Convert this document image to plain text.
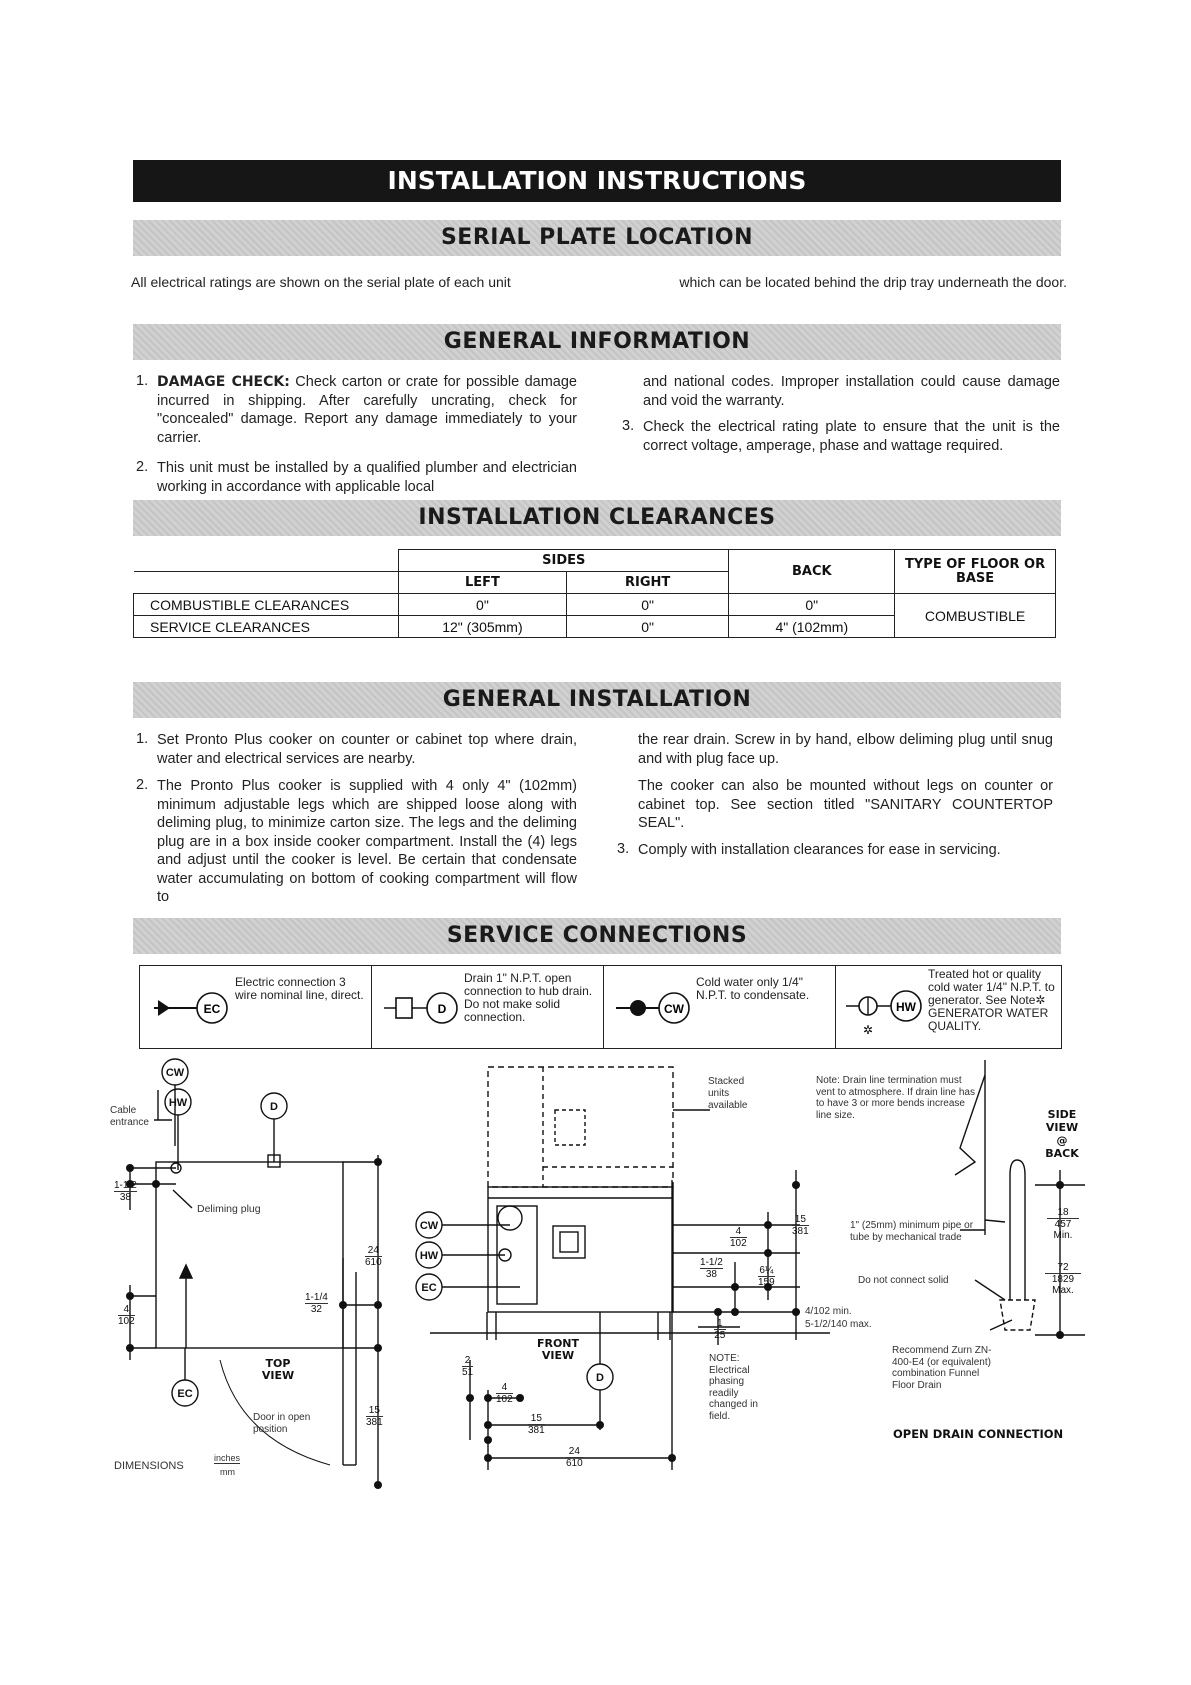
INSTALLATION INSTRUCTIONS
SERIAL PLATE LOCATION
All electrical ratings are shown on the serial plate of each unit	which can be located behind the drip tray underneath the door.
GENERAL INFORMATION
1. DAMAGE CHECK: Check carton or crate for possible damage incurred in shipping. After carefully uncrating, check for "concealed" damage. Report any damage immediately to your carrier.
2. This unit must be installed by a qualified plumber and electrician working in accordance with applicable local
and national codes. Improper installation could cause damage and void the warranty.
3. Check the electrical rating plate to ensure that the unit is the correct voltage, amperage, phase and wattage required.
INSTALLATION CLEARANCES
	SIDES		BACK	TYPE OF FLOOR OR BASE
	LEFT	RIGHT		
COMBUSTIBLE CLEARANCES	0"	0"	0"	COMBUSTIBLE
SERVICE CLEARANCES	12" (305mm)	0"	4" (102mm)	
GENERAL INSTALLATION
1. Set Pronto Plus cooker on counter or cabinet top where drain, water and electrical services are nearby.
2. The Pronto Plus cooker is supplied with 4 only 4" (102mm) minimum adjustable legs which are shipped loose along with deliming plug, to minimize carton size. The legs and the deliming plug are in a box inside cooker compartment. Install the (4) legs and adjust until the cooker is level. Be certain that condensate water accumulating on bottom of cooking compartment will flow to
the rear drain. Screw in by hand, elbow deliming plug until snug and with plug face up.
The cooker can also be mounted without legs on counter or cabinet top. See section titled "SANITARY COUNTERTOP SEAL".
3. Comply with installation clearances for ease in servicing.
SERVICE CONNECTIONS
EC
Electric connection 3 wire nominal line, direct.
D
Drain 1" N.P.T. open connection to hub drain. Do not make solid connection.
CW
Cold water only 1/4" N.P.T. to condensate.
HW
✲
Treated hot or quality cold water 1/4" N.P.T. to generator. See Note✲ GENERATOR WATER QUALITY.
CW
HW	D
EC
CW
HW
EC
D
Cable entrance
Deliming plug
TOP VIEW
Door in open position
DIMENSIONS
inches
mm
FRONT VIEW
Stacked units available
NOTE: Electrical phasing readily changed in field.
Note: Drain line termination must vent to atmosphere. If drain line has to have 3 or more bends increase line size.
1" (25mm) minimum pipe or tube by mechanical trade
Do not connect solid
Recommend Zurn ZN-400-E4 (or equivalent) combination Funnel Floor Drain
SIDE VIEW @ BACK
OPEN DRAIN CONNECTION
4/102 min.
5-1/2/140 max.
1-1/2
38
4
102
24
610
1-1/4
32
15
381
2
51
4
102
15
381
24
610
4
102
15
381
1-1/2
38	6¼
159
1
25
18
457
Min.
72
1829
Max.
